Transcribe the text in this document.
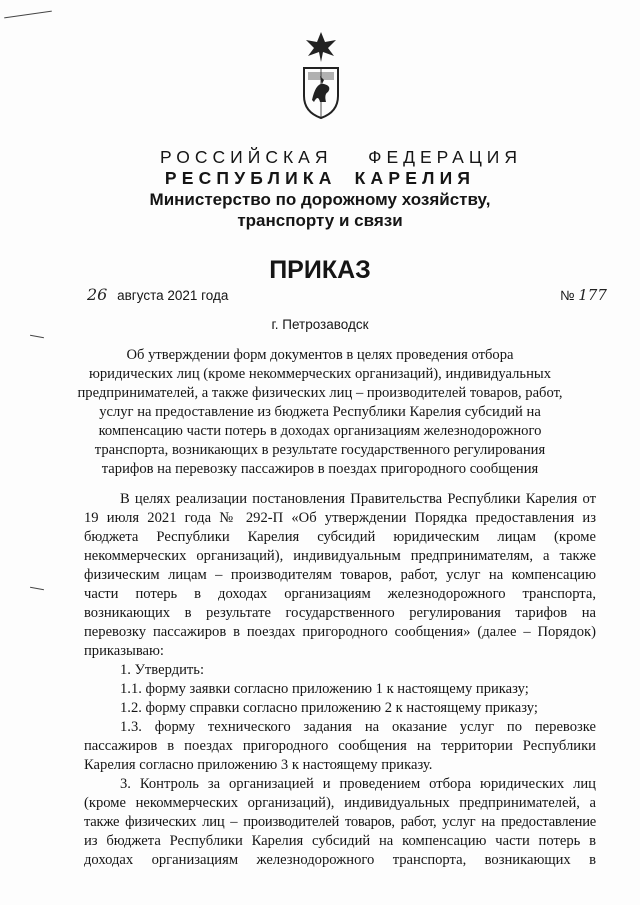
РОССИЙСКАЯ ФЕДЕРАЦИЯ
РЕСПУБЛИКА КАРЕЛИЯ
Министерство по дорожному хозяйству,
транспорту и связи
ПРИКАЗ
26 августа 2021 года	№ 177
г. Петрозаводск
Об утверждении форм документов в целях проведения отбора
юридических лиц (кроме некоммерческих организаций), индивидуальных
предпринимателей, а также физических лиц – производителей товаров, работ,
услуг на предоставление из бюджета Республики Карелия субсидий на
компенсацию части потерь в доходах организациям железнодорожного
транспорта, возникающих в результате государственного регулирования
тарифов на перевозку пассажиров в поездах пригородного сообщения
В целях реализации постановления Правительства Республики Карелия от
19 июля 2021 года № 292-П «Об утверждении Порядка предоставления из
бюджета Республики Карелия субсидий юридическим лицам (кроме
некоммерческих организаций), индивидуальным предпринимателям, а также
физическим лицам – производителям товаров, работ, услуг на компенсацию
части потерь в доходах организациям железнодорожного транспорта,
возникающих в результате государственного регулирования тарифов на
перевозку пассажиров в поездах пригородного сообщения» (далее – Порядок)
приказываю:
1. Утвердить:
1.1. форму заявки согласно приложению 1 к настоящему приказу;
1.2. форму справки согласно приложению 2 к настоящему приказу;
1.3. форму технического задания на оказание услуг по перевозке
пассажиров в поездах пригородного сообщения на территории Республики
Карелия согласно приложению 3 к настоящему приказу.
3. Контроль за организацией и проведением отбора юридических лиц
(кроме некоммерческих организаций), индивидуальных предпринимателей, а
также физических лиц – производителей товаров, работ, услуг на предоставление
из бюджета Республики Карелия субсидий на компенсацию части потерь в
доходах организациям железнодорожного транспорта, возникающих в
